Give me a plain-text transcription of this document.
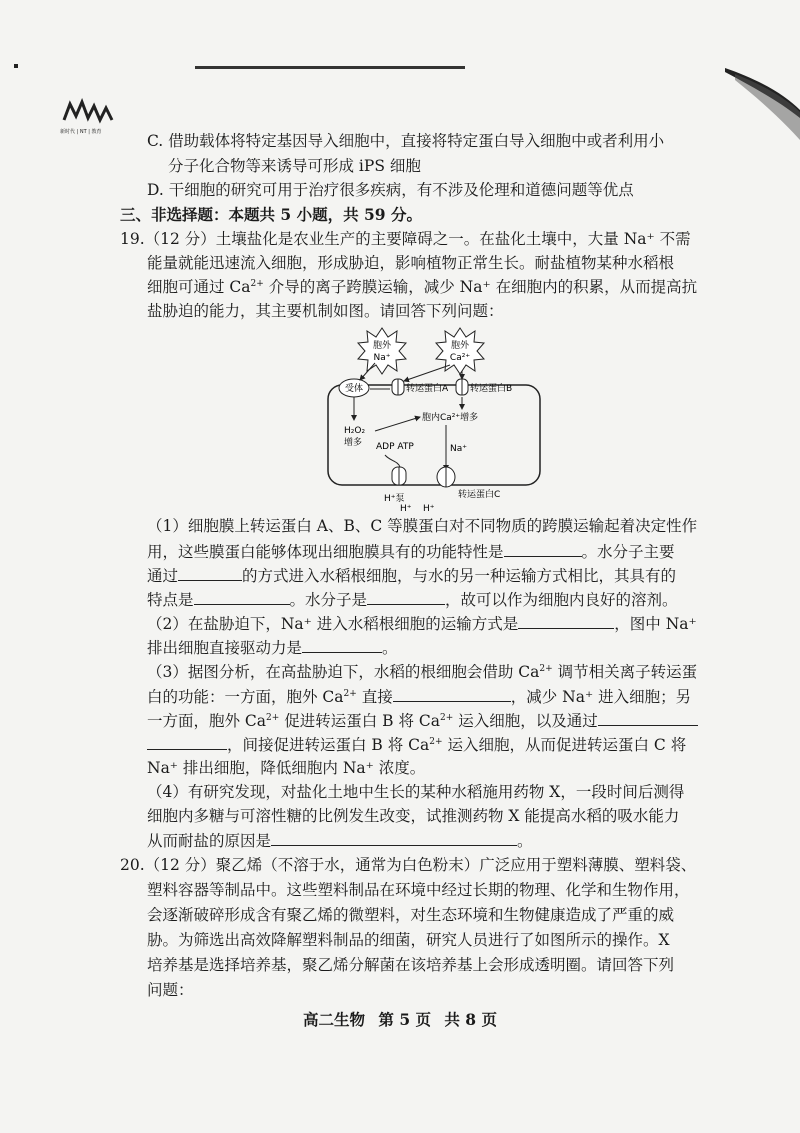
新时代 | NT | 教育	C. 借助载体将特定基因导入细胞中，直接将特定蛋白导入细胞中或者利用小
分子化合物等来诱导可形成 iPS 细胞
D. 干细胞的研究可用于治疗很多疾病，有不涉及伦理和道德问题等优点
三、非选择题：本题共 5 小题，共 59 分。
19.（12 分）土壤盐化是农业生产的主要障碍之一。在盐化土壤中，大量 Na⁺ 不需
能量就能迅速流入细胞，形成胁迫，影响植物正常生长。耐盐植物某种水稻根
细胞可通过 $Ca^{2+}$ 介导的离子跨膜运输，减少 Na⁺ 在细胞内的积累，从而提高抗
盐胁迫的能力，其主要机制如图。请回答下列问题：
胞外
Na⁺
胞外
Ca²⁺
受体	转运蛋白A 转运蛋白B
H₂O₂
增多
胞内Ca²⁺增多
Na⁺
ADP ATP
H⁺泵
H⁺
H⁺
转运蛋白C
（1）细胞膜上转运蛋白 A、B、C 等膜蛋白对不同物质的跨膜运输起着决定性作
用，这些膜蛋白能够体现出细胞膜具有的功能特性是	。水分子主要
通过	的方式进入水稻根细胞，与水的另一种运输方式相比，其具有的
特点是	。水分子是	，故可以作为细胞内良好的溶剂。
（2）在盐胁迫下，Na⁺ 进入水稻根细胞的运输方式是	，图中 Na⁺
排出细胞直接驱动力是	。
（3）据图分析，在高盐胁迫下，水稻的根细胞会借助 $Ca^{2+}$ 调节相关离子转运蛋
白的功能：一方面，胞外 $Ca^{2+}$ 直接	，减少 Na⁺ 进入细胞；另
一方面，胞外 $Ca^{2+}$ 促进转运蛋白 B 将 $Ca^{2+}$ 运入细胞，以及通过
，间接促进转运蛋白 B 将 $Ca^{2+}$ 运入细胞，从而促进转运蛋白 C 将
Na⁺ 排出细胞，降低细胞内 Na⁺ 浓度。
（4）有研究发现，对盐化土地中生长的某种水稻施用药物 X，一段时间后测得
细胞内多糖与可溶性糖的比例发生改变，试推测药物 X 能提高水稻的吸水能力
从而耐盐的原因是	。
20.（12 分）聚乙烯（不溶于水，通常为白色粉末）广泛应用于塑料薄膜、塑料袋、
塑料容器等制品中。这些塑料制品在环境中经过长期的物理、化学和生物作用，
会逐渐破碎形成含有聚乙烯的微塑料，对生态环境和生物健康造成了严重的威
胁。为筛选出高效降解塑料制品的细菌，研究人员进行了如图所示的操作。X
培养基是选择培养基，聚乙烯分解菌在该培养基上会形成透明圈。请回答下列
问题：
高二生物 第 5 页 共 8 页
